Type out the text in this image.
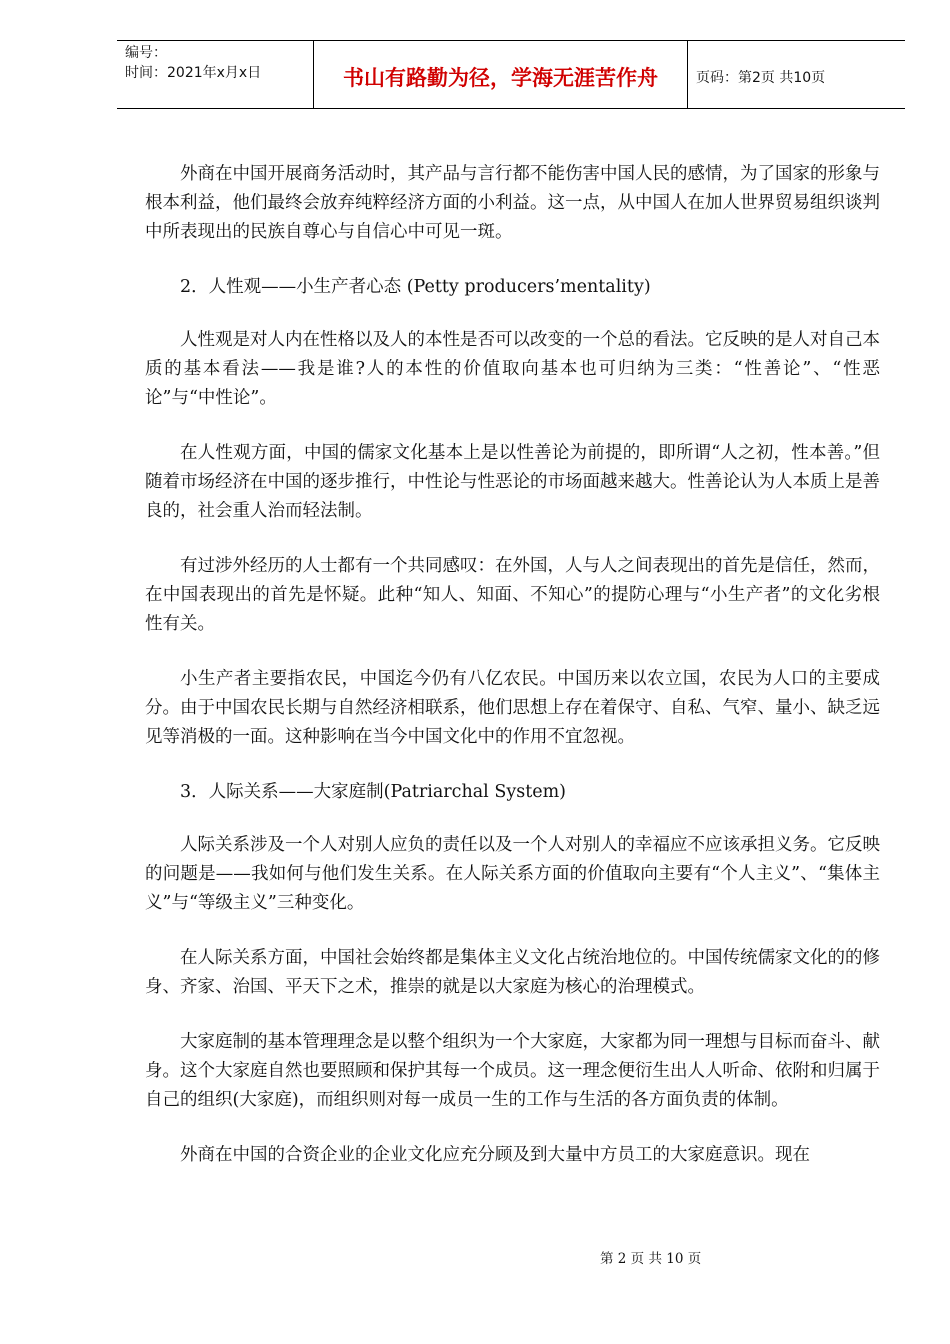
编号：
时间：2021年x月x日	书山有路勤为径，学海无涯苦作舟	页码：第2页 共10页

外商在中国开展商务活动时，其产品与言行都不能伤害中国人民的感情，为了国家的形象与根本利益，他们最终会放弃纯粹经济方面的小利益。这一点，从中国人在加人世界贸易组织谈判中所表现出的民族自尊心与自信心中可见一斑。

2．人性观——小生产者心态 (Petty producers’mentality)

人性观是对人内在性格以及人的本性是否可以改变的一个总的看法。它反映的是人对自己本质的基本看法——我是谁?人的本性的价值取向基本也可归纳为三类：“性善论”、“性恶论”与“中性论”。

在人性观方面，中国的儒家文化基本上是以性善论为前提的，即所谓“人之初，性本善。”但随着市场经济在中国的逐步推行，中性论与性恶论的市场面越来越大。性善论认为人本质上是善良的，社会重人治而轻法制。

有过涉外经历的人士都有一个共同感叹：在外国，人与人之间表现出的首先是信任，然而，在中国表现出的首先是怀疑。此种“知人、知面、不知心”的提防心理与“小生产者”的文化劣根性有关。

小生产者主要指农民，中国迄今仍有八亿农民。中国历来以农立国，农民为人口的主要成分。由于中国农民长期与自然经济相联系，他们思想上存在着保守、自私、气窄、量小、缺乏远见等消极的一面。这种影响在当今中国文化中的作用不宜忽视。

3．人际关系——大家庭制(Patriarchal System)

人际关系涉及一个人对别人应负的责任以及一个人对别人的幸福应不应该承担义务。它反映的问题是——我如何与他们发生关系。在人际关系方面的价值取向主要有“个人主义”、“集体主义”与“等级主义”三种变化。

在人际关系方面，中国社会始终都是集体主义文化占统治地位的。中国传统儒家文化的的修身、齐家、治国、平天下之术，推崇的就是以大家庭为核心的治理模式。

大家庭制的基本管理理念是以整个组织为一个大家庭，大家都为同一理想与目标而奋斗、献身。这个大家庭自然也要照顾和保护其每一个成员。这一理念便衍生出人人听命、依附和归属于自己的组织(大家庭)，而组织则对每一成员一生的工作与生活的各方面负责的体制。

外商在中国的合资企业的企业文化应充分顾及到大量中方员工的大家庭意识。现在

第 2 页 共 10 页
